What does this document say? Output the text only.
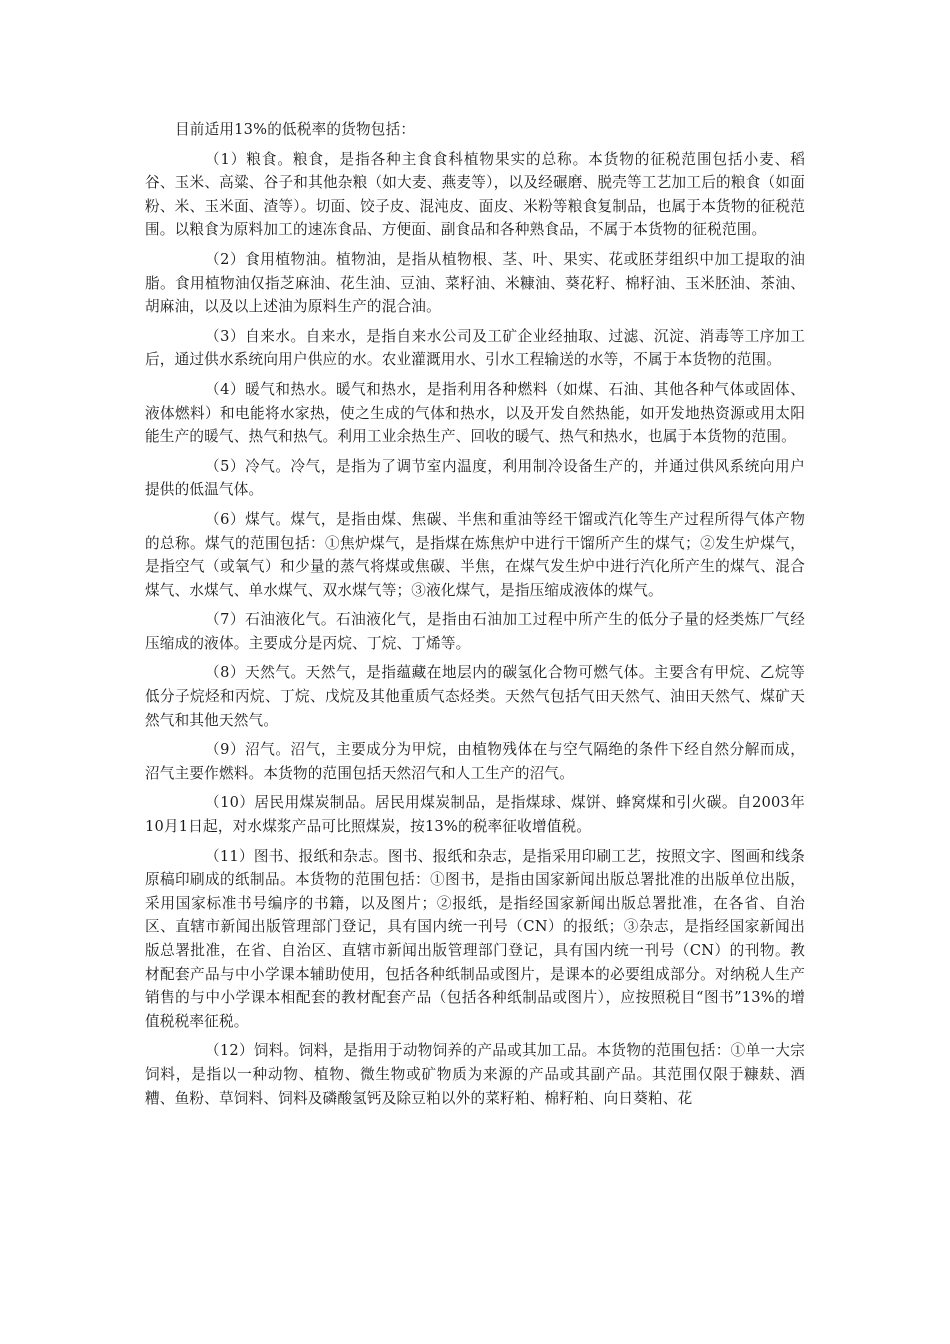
目前适用13%的低税率的货物包括：

（1）粮食。粮食，是指各种主食食科植物果实的总称。本货物的征税范围包括小麦、稻谷、玉米、高粱、谷子和其他杂粮（如大麦、燕麦等），以及经碾磨、脱壳等工艺加工后的粮食（如面粉、米、玉米面、渣等）。切面、饺子皮、混沌皮、面皮、米粉等粮食复制品，也属于本货物的征税范围。以粮食为原料加工的速冻食品、方便面、副食品和各种熟食品，不属于本货物的征税范围。

（2）食用植物油。植物油，是指从植物根、茎、叶、果实、花或胚芽组织中加工提取的油脂。食用植物油仅指芝麻油、花生油、豆油、菜籽油、米糠油、葵花籽、棉籽油、玉米胚油、茶油、胡麻油，以及以上述油为原料生产的混合油。

（3）自来水。自来水，是指自来水公司及工矿企业经抽取、过滤、沉淀、消毒等工序加工后，通过供水系统向用户供应的水。农业灌溉用水、引水工程输送的水等，不属于本货物的范围。

（4）暖气和热水。暖气和热水，是指利用各种燃料（如煤、石油、其他各种气体或固体、液体燃料）和电能将水家热，使之生成的气体和热水，以及开发自然热能，如开发地热资源或用太阳能生产的暖气、热气和热气。利用工业余热生产、回收的暖气、热气和热水，也属于本货物的范围。

（5）冷气。冷气，是指为了调节室内温度，利用制冷设备生产的，并通过供风系统向用户提供的低温气体。

（6）煤气。煤气，是指由煤、焦碳、半焦和重油等经干馏或汽化等生产过程所得气体产物的总称。煤气的范围包括：①焦炉煤气，是指煤在炼焦炉中进行干馏所产生的煤气；②发生炉煤气，是指空气（或氧气）和少量的蒸气将煤或焦碳、半焦，在煤气发生炉中进行汽化所产生的煤气、混合煤气、水煤气、单水煤气、双水煤气等；③液化煤气，是指压缩成液体的煤气。

（7）石油液化气。石油液化气，是指由石油加工过程中所产生的低分子量的烃类炼厂气经压缩成的液体。主要成分是丙烷、丁烷、丁烯等。

（8）天然气。天然气，是指蕴藏在地层内的碳氢化合物可燃气体。主要含有甲烷、乙烷等低分子烷烃和丙烷、丁烷、戊烷及其他重质气态烃类。天然气包括气田天然气、油田天然气、煤矿天然气和其他天然气。

（9）沼气。沼气，主要成分为甲烷，由植物残体在与空气隔绝的条件下经自然分解而成，沼气主要作燃料。本货物的范围包括天然沼气和人工生产的沼气。

（10）居民用煤炭制品。居民用煤炭制品，是指煤球、煤饼、蜂窝煤和引火碳。自2003年10月1日起，对水煤浆产品可比照煤炭，按13%的税率征收增值税。

（11）图书、报纸和杂志。图书、报纸和杂志，是指采用印刷工艺，按照文字、图画和线条原稿印刷成的纸制品。本货物的范围包括：①图书，是指由国家新闻出版总署批准的出版单位出版，采用国家标准书号编序的书籍，以及图片；②报纸，是指经国家新闻出版总署批准，在各省、自治区、直辖市新闻出版管理部门登记，具有国内统一刊号（CN）的报纸；③杂志，是指经国家新闻出版总署批准，在省、自治区、直辖市新闻出版管理部门登记，具有国内统一刊号（CN）的刊物。教材配套产品与中小学课本辅助使用，包括各种纸制品或图片，是课本的必要组成部分。对纳税人生产销售的与中小学课本相配套的教材配套产品（包括各种纸制品或图片），应按照税目“图书”13%的增值税税率征税。

（12）饲料。饲料，是指用于动物饲养的产品或其加工品。本货物的范围包括：①单一大宗饲料，是指以一种动物、植物、微生物或矿物质为来源的产品或其副产品。其范围仅限于糠麸、酒糟、鱼粉、草饲料、饲料及磷酸氢钙及除豆粕以外的菜籽粕、棉籽粕、向日葵粕、花
